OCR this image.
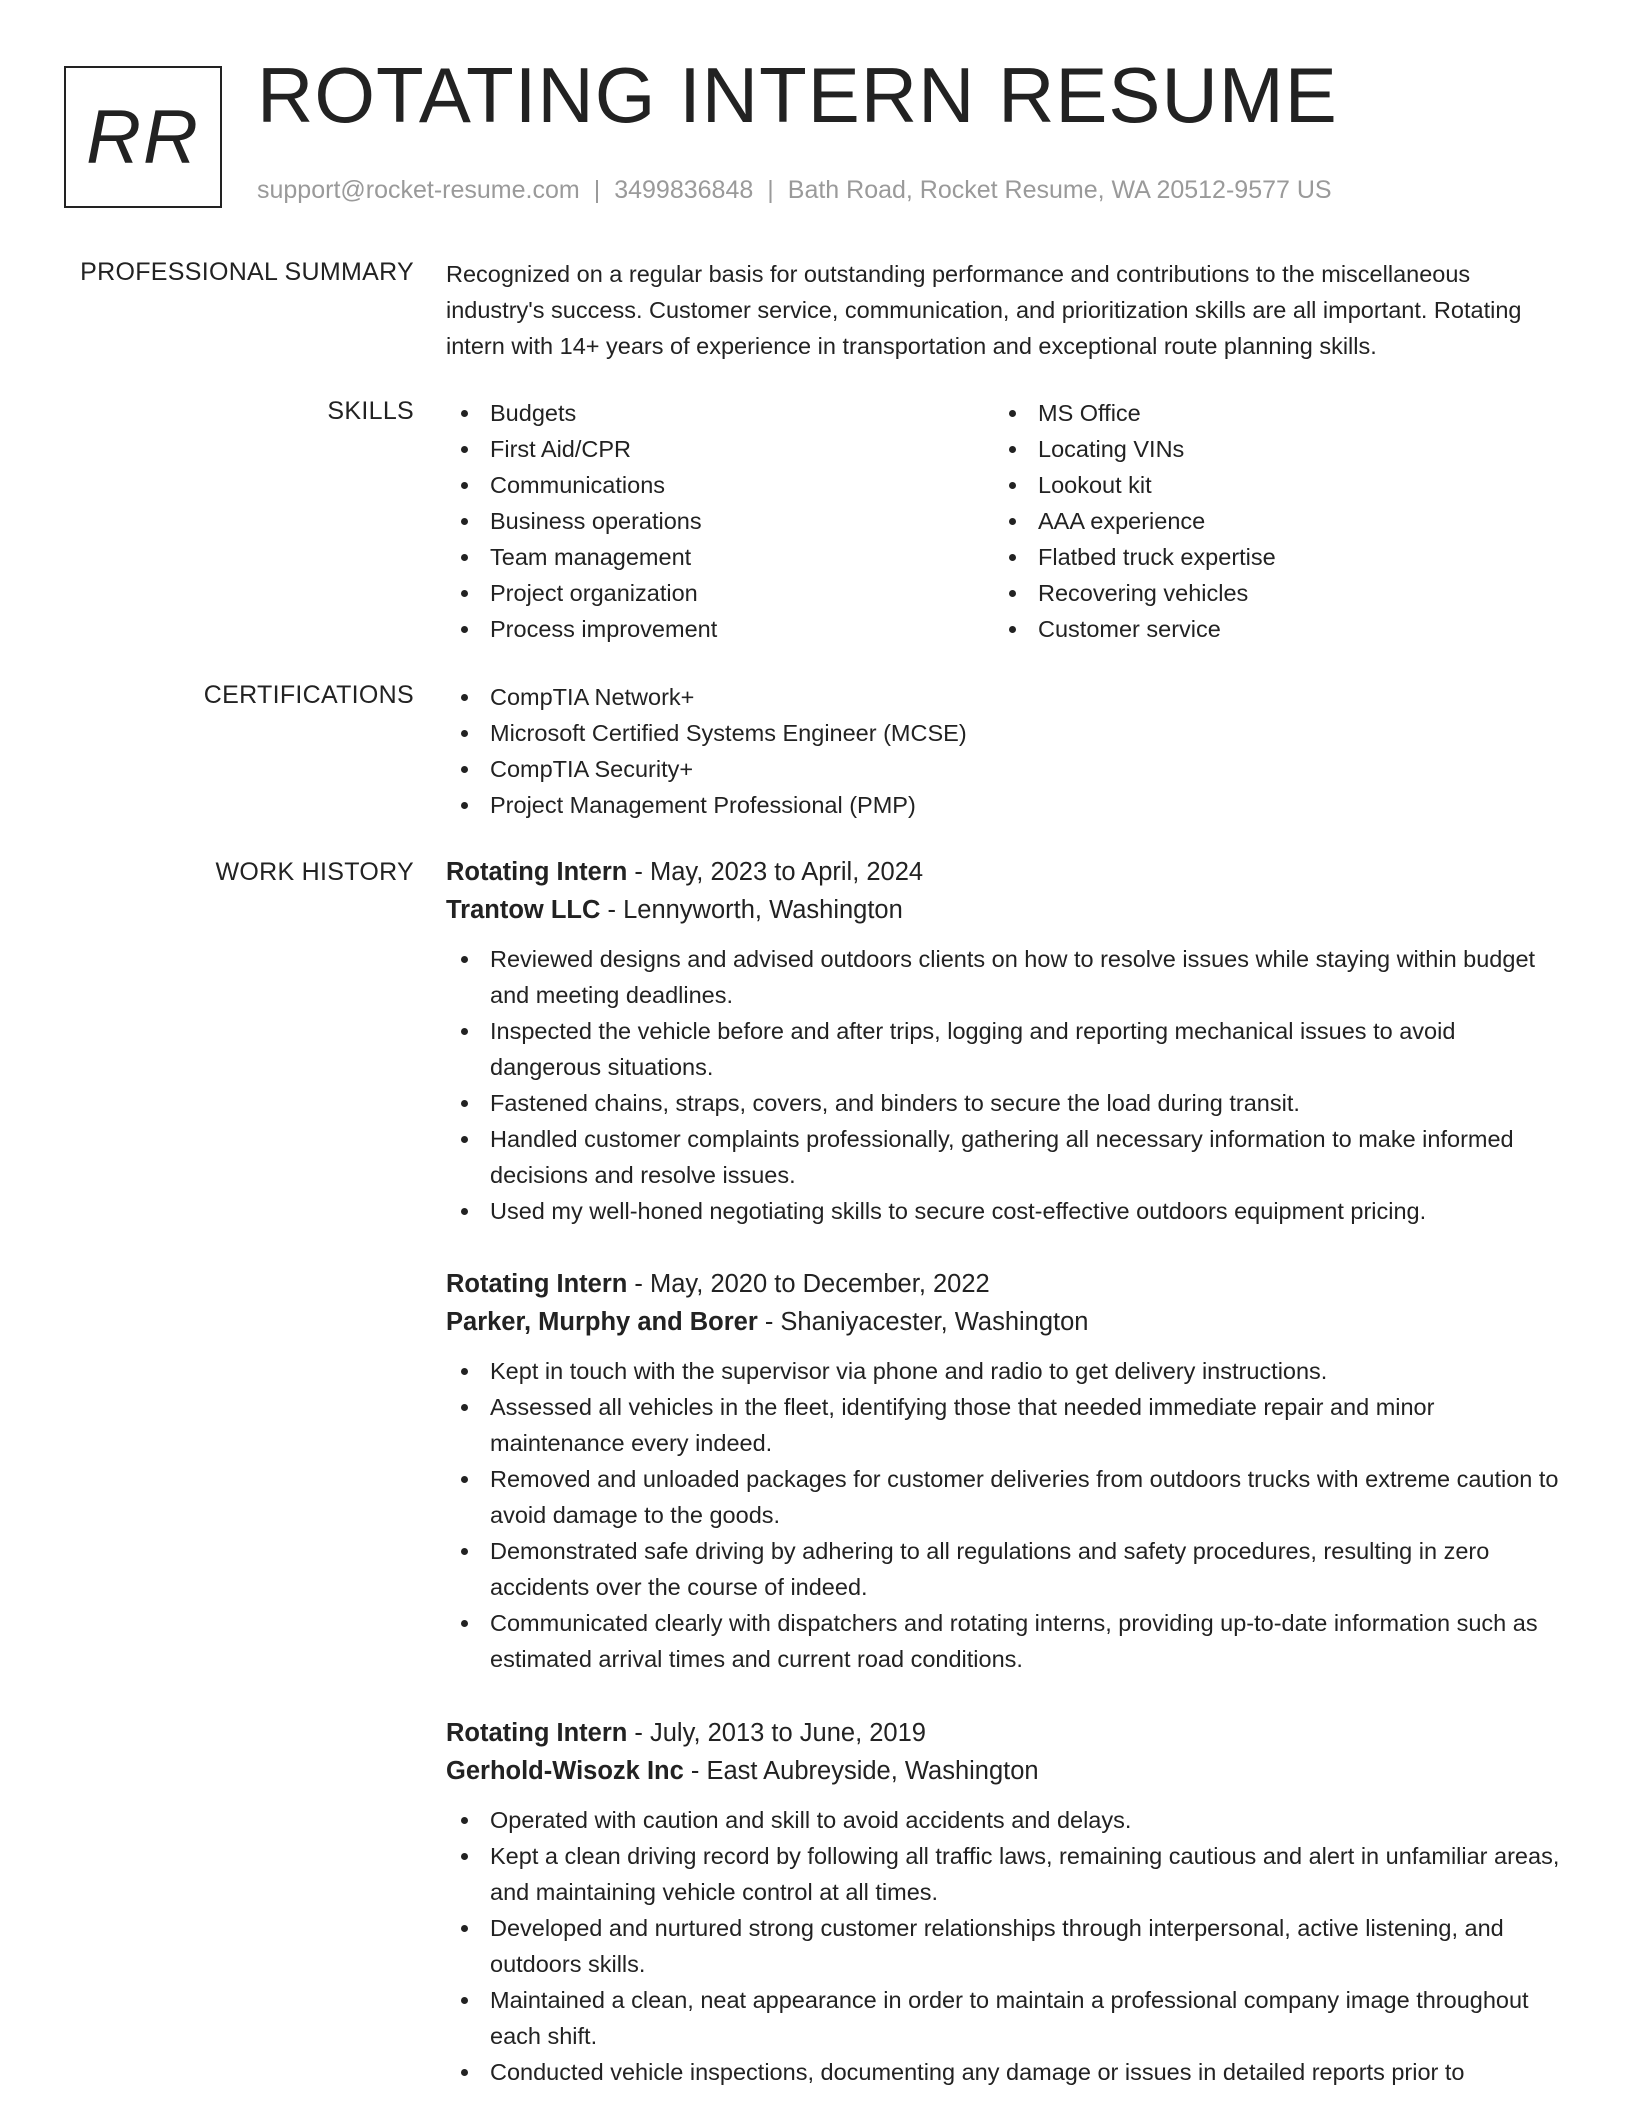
RR ROTATING INTERN RESUME
support@rocket-resume.com | 3499836848 | Bath Road, Rocket Resume, WA 20512-9577 US
PROFESSIONAL SUMMARY Recognized on a regular basis for outstanding performance and contributions to the miscellaneous industry's success. Customer service, communication, and prioritization skills are all important. Rotating intern with 14+ years of experience in transportation and exceptional route planning skills.

SKILLS	Budgets
First Aid/CPR
Communications
Business operations
Team management
Project organization
Process improvement
MS Office
Locating VINs
Lookout kit
AAA experience
Flatbed truck expertise
Recovering vehicles
Customer service
CERTIFICATIONS	CompTIA Network+
Microsoft Certified Systems Engineer (MCSE)
CompTIA Security+
Project Management Professional (PMP)
WORK HISTORY Rotating Intern - May, 2023 to April, 2024
Trantow LLC - Lennyworth, Washington
Reviewed designs and advised outdoors clients on how to resolve issues while staying within budget and meeting deadlines.
Inspected the vehicle before and after trips, logging and reporting mechanical issues to avoid dangerous situations.
Fastened chains, straps, covers, and binders to secure the load during transit.
Handled customer complaints professionally, gathering all necessary information to make informed decisions and resolve issues.
Used my well-honed negotiating skills to secure cost-effective outdoors equipment pricing.
Rotating Intern - May, 2020 to December, 2022
Parker, Murphy and Borer - Shaniyacester, Washington
Kept in touch with the supervisor via phone and radio to get delivery instructions.
Assessed all vehicles in the fleet, identifying those that needed immediate repair and minor maintenance every indeed.
Removed and unloaded packages for customer deliveries from outdoors trucks with extreme caution to avoid damage to the goods.
Demonstrated safe driving by adhering to all regulations and safety procedures, resulting in zero accidents over the course of indeed.
Communicated clearly with dispatchers and rotating interns, providing up-to-date information such as estimated arrival times and current road conditions.
Rotating Intern - July, 2013 to June, 2019
Gerhold-Wisozk Inc - East Aubreyside, Washington
Operated with caution and skill to avoid accidents and delays.
Kept a clean driving record by following all traffic laws, remaining cautious and alert in unfamiliar areas, and maintaining vehicle control at all times.
Developed and nurtured strong customer relationships through interpersonal, active listening, and outdoors skills.
Maintained a clean, neat appearance in order to maintain a professional company image throughout each shift.
Conducted vehicle inspections, documenting any damage or issues in detailed reports prior to
